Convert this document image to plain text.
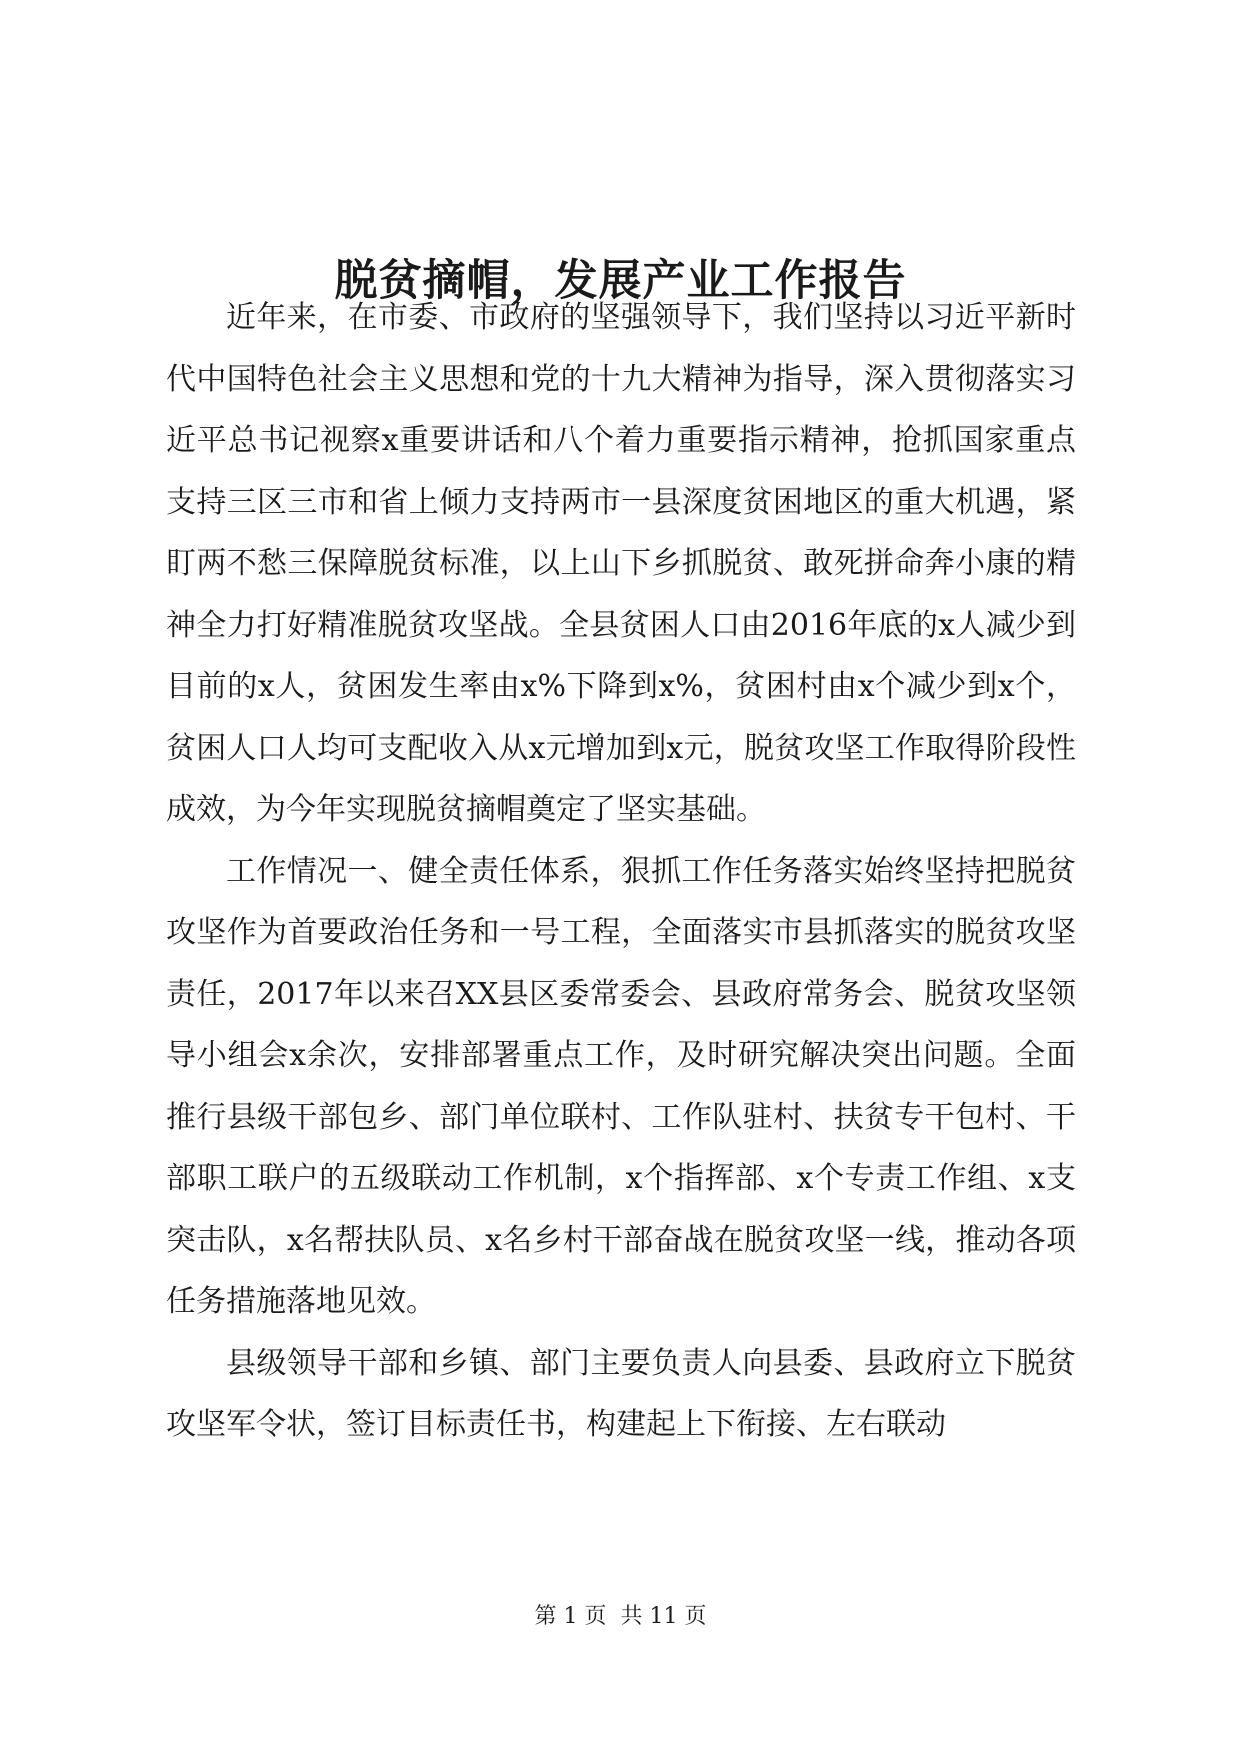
脱贫摘帽，发展产业工作报告

近年来，在市委、市政府的坚强领导下，我们坚持以习近平新时代中国特色社会主义思想和党的十九大精神为指导，深入贯彻落实习近平总书记视察x重要讲话和八个着力重要指示精神，抢抓国家重点支持三区三市和省上倾力支持两市一县深度贫困地区的重大机遇，紧盯两不愁三保障脱贫标准，以上山下乡抓脱贫、敢死拼命奔小康的精神全力打好精准脱贫攻坚战。全县贫困人口由2016年底的x人减少到目前的x人，贫困发生率由x%下降到x%，贫困村由x个减少到x个，贫困人口人均可支配收入从x元增加到x元，脱贫攻坚工作取得阶段性成效，为今年实现脱贫摘帽奠定了坚实基础。

工作情况一、健全责任体系，狠抓工作任务落实始终坚持把脱贫攻坚作为首要政治任务和一号工程，全面落实市县抓落实的脱贫攻坚责任，2017年以来召XX县区委常委会、县政府常务会、脱贫攻坚领导小组会x余次，安排部署重点工作，及时研究解决突出问题。全面推行县级干部包乡、部门单位联村、工作队驻村、扶贫专干包村、干部职工联户的五级联动工作机制，x个指挥部、x个专责工作组、x支突击队，x名帮扶队员、x名乡村干部奋战在脱贫攻坚一线，推动各项任务措施落地见效。

县级领导干部和乡镇、部门主要负责人向县委、县政府立下脱贫攻坚军令状，签订目标责任书，构建起上下衔接、左右联动

第 1 页  共 11 页
